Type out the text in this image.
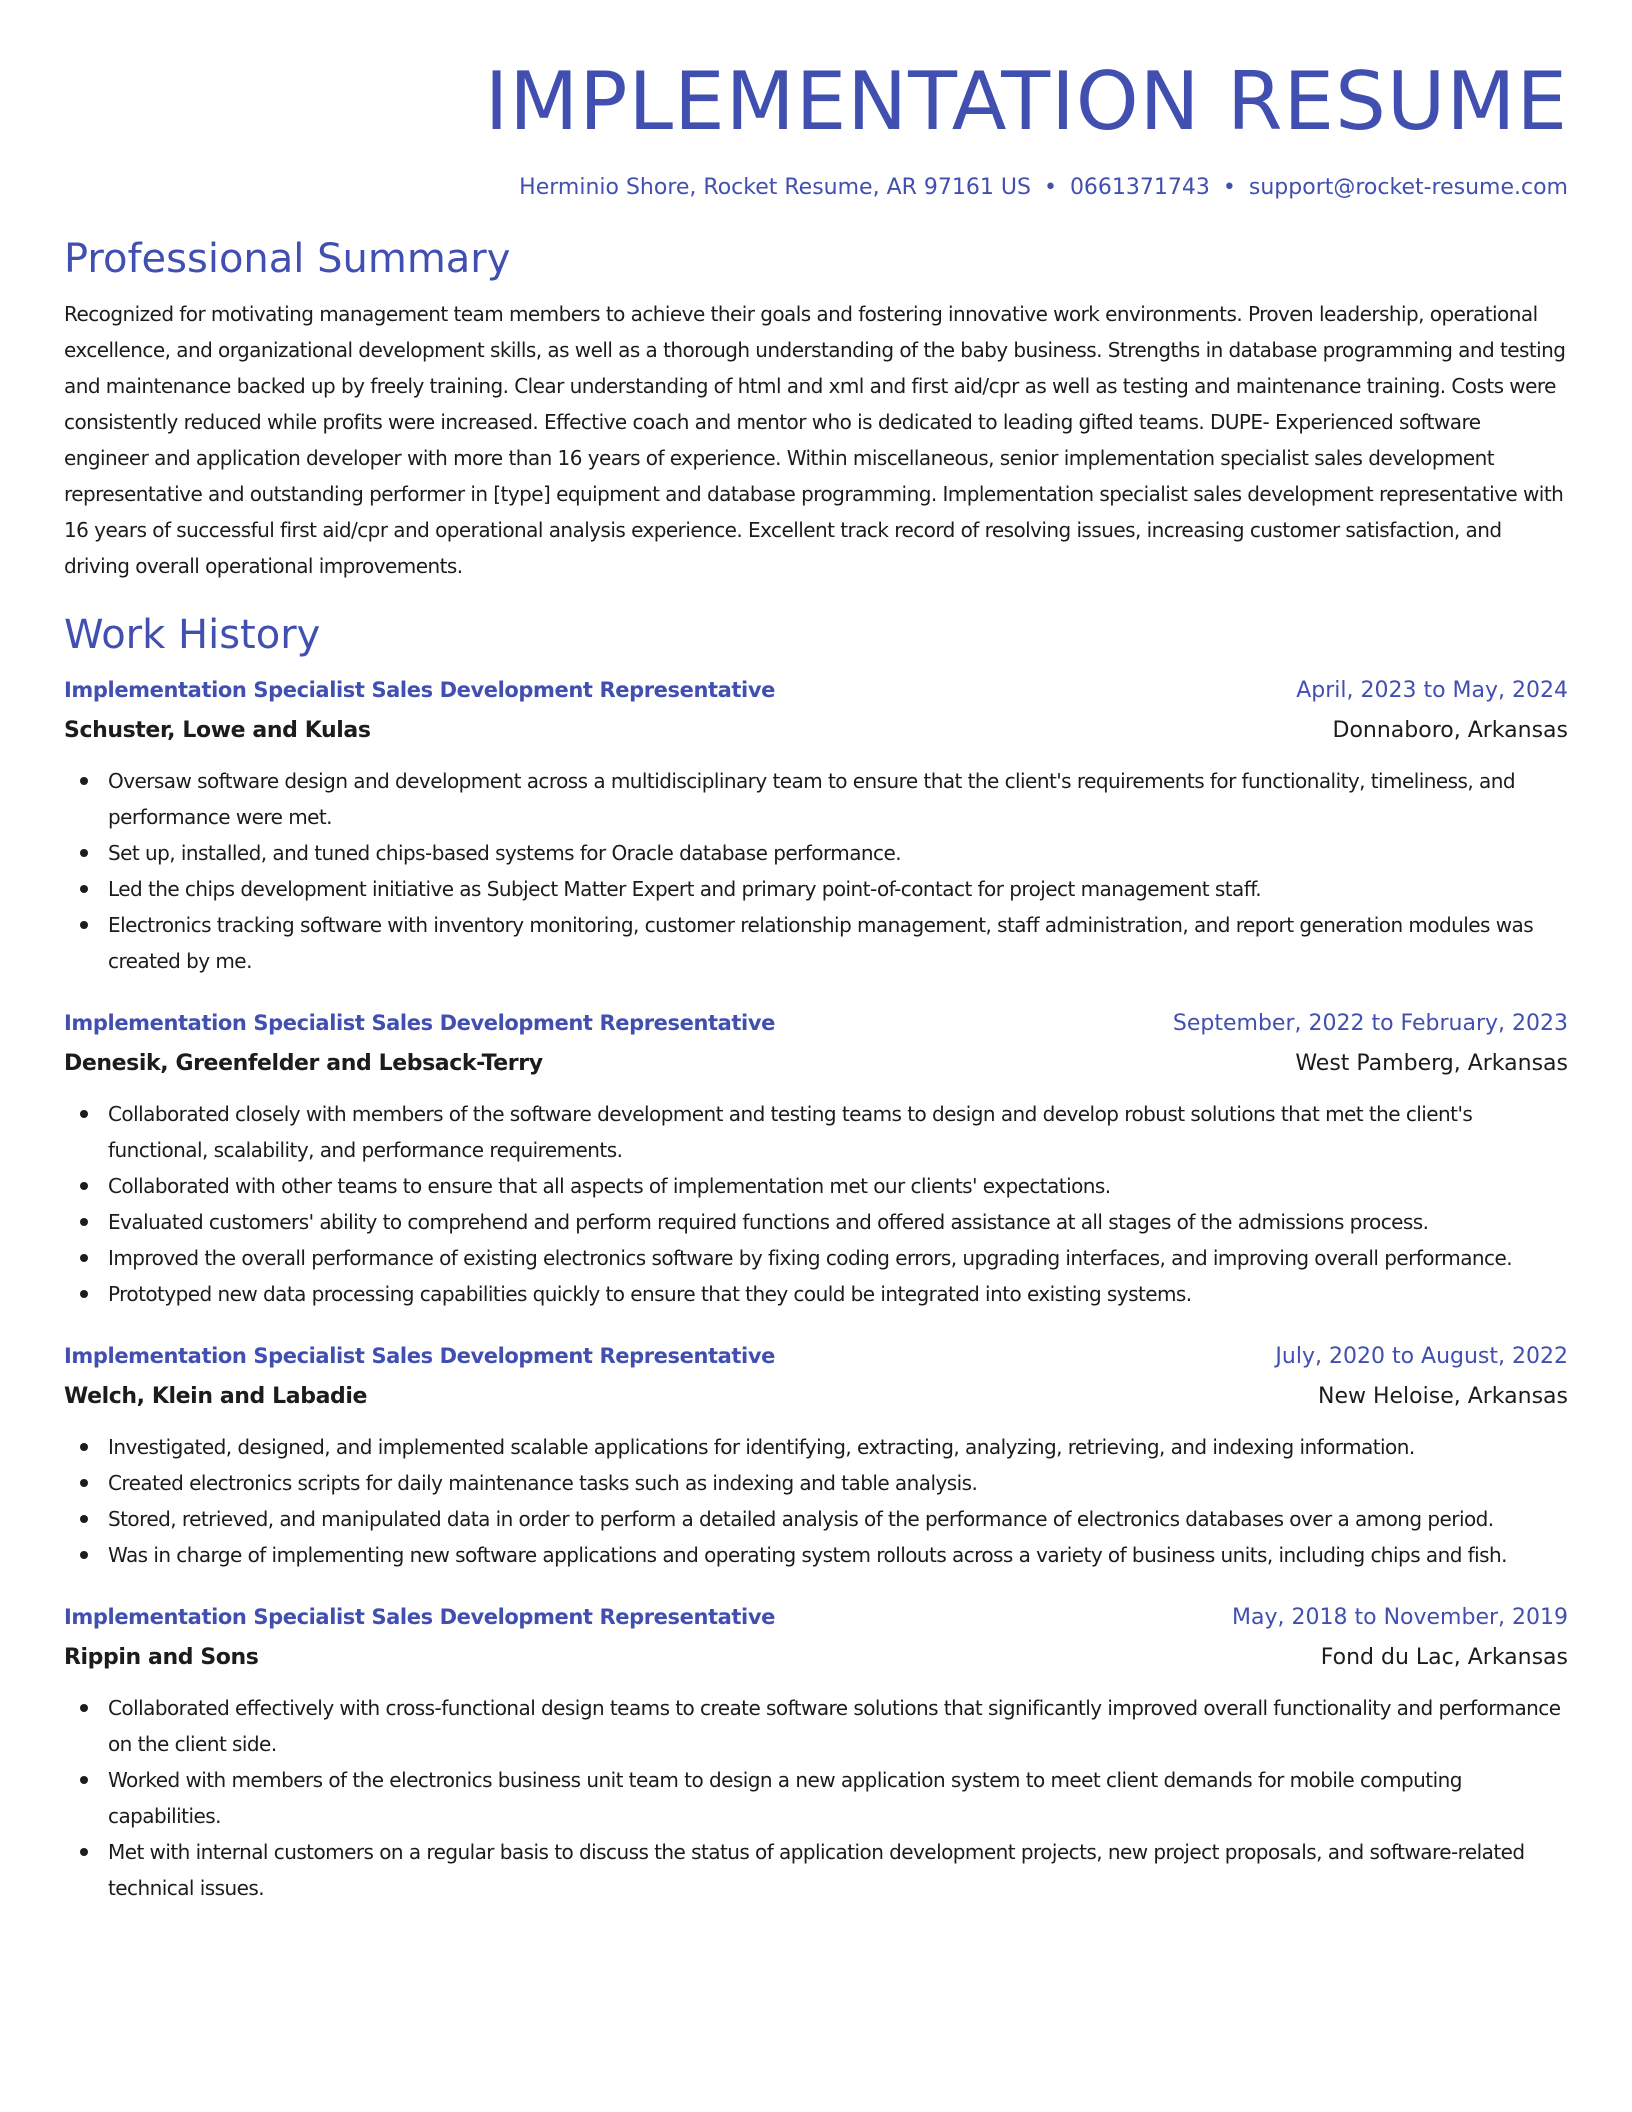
IMPLEMENTATION RESUME
Herminio Shore, Rocket Resume, AR 97161 US • 0661371743 • support@rocket-resume.com
Professional Summary

Recognized for motivating management team members to achieve their goals and fostering innovative work environments. Proven leadership, operational excellence, and organizational development skills, as well as a thorough understanding of the baby business. Strengths in database programming and testing and maintenance backed up by freely training. Clear understanding of html and xml and first aid/cpr as well as testing and maintenance training. Costs were consistently reduced while profits were increased. Effective coach and mentor who is dedicated to leading gifted teams. DUPE- Experienced software engineer and application developer with more than 16 years of experience. Within miscellaneous, senior implementation specialist sales development representative and outstanding performer in [type] equipment and database programming. Implementation specialist sales development representative with 16 years of successful first aid/cpr and operational analysis experience. Excellent track record of resolving issues, increasing customer satisfaction, and driving overall operational improvements.

Work History
Implementation Specialist Sales Development Representative	April, 2023 to May, 2024
Schuster, Lowe and Kulas	Donnaboro, Arkansas
Oversaw software design and development across a multidisciplinary team to ensure that the client's requirements for functionality, timeliness, and performance were met.
Set up, installed, and tuned chips-based systems for Oracle database performance.
Led the chips development initiative as Subject Matter Expert and primary point-of-contact for project management staff.
Electronics tracking software with inventory monitoring, customer relationship management, staff administration, and report generation modules was created by me.
Implementation Specialist Sales Development Representative	September, 2022 to February, 2023
Denesik, Greenfelder and Lebsack-Terry	West Pamberg, Arkansas
Collaborated closely with members of the software development and testing teams to design and develop robust solutions that met the client's functional, scalability, and performance requirements.
Collaborated with other teams to ensure that all aspects of implementation met our clients' expectations.
Evaluated customers' ability to comprehend and perform required functions and offered assistance at all stages of the admissions process.
Improved the overall performance of existing electronics software by fixing coding errors, upgrading interfaces, and improving overall performance.
Prototyped new data processing capabilities quickly to ensure that they could be integrated into existing systems.
Implementation Specialist Sales Development Representative	July, 2020 to August, 2022
Welch, Klein and Labadie	New Heloise, Arkansas
Investigated, designed, and implemented scalable applications for identifying, extracting, analyzing, retrieving, and indexing information.
Created electronics scripts for daily maintenance tasks such as indexing and table analysis.
Stored, retrieved, and manipulated data in order to perform a detailed analysis of the performance of electronics databases over a among period.
Was in charge of implementing new software applications and operating system rollouts across a variety of business units, including chips and fish.
Implementation Specialist Sales Development Representative	May, 2018 to November, 2019
Rippin and Sons	Fond du Lac, Arkansas
Collaborated effectively with cross-functional design teams to create software solutions that significantly improved overall functionality and performance on the client side.
Worked with members of the electronics business unit team to design a new application system to meet client demands for mobile computing capabilities.
Met with internal customers on a regular basis to discuss the status of application development projects, new project proposals, and software-related technical issues.
